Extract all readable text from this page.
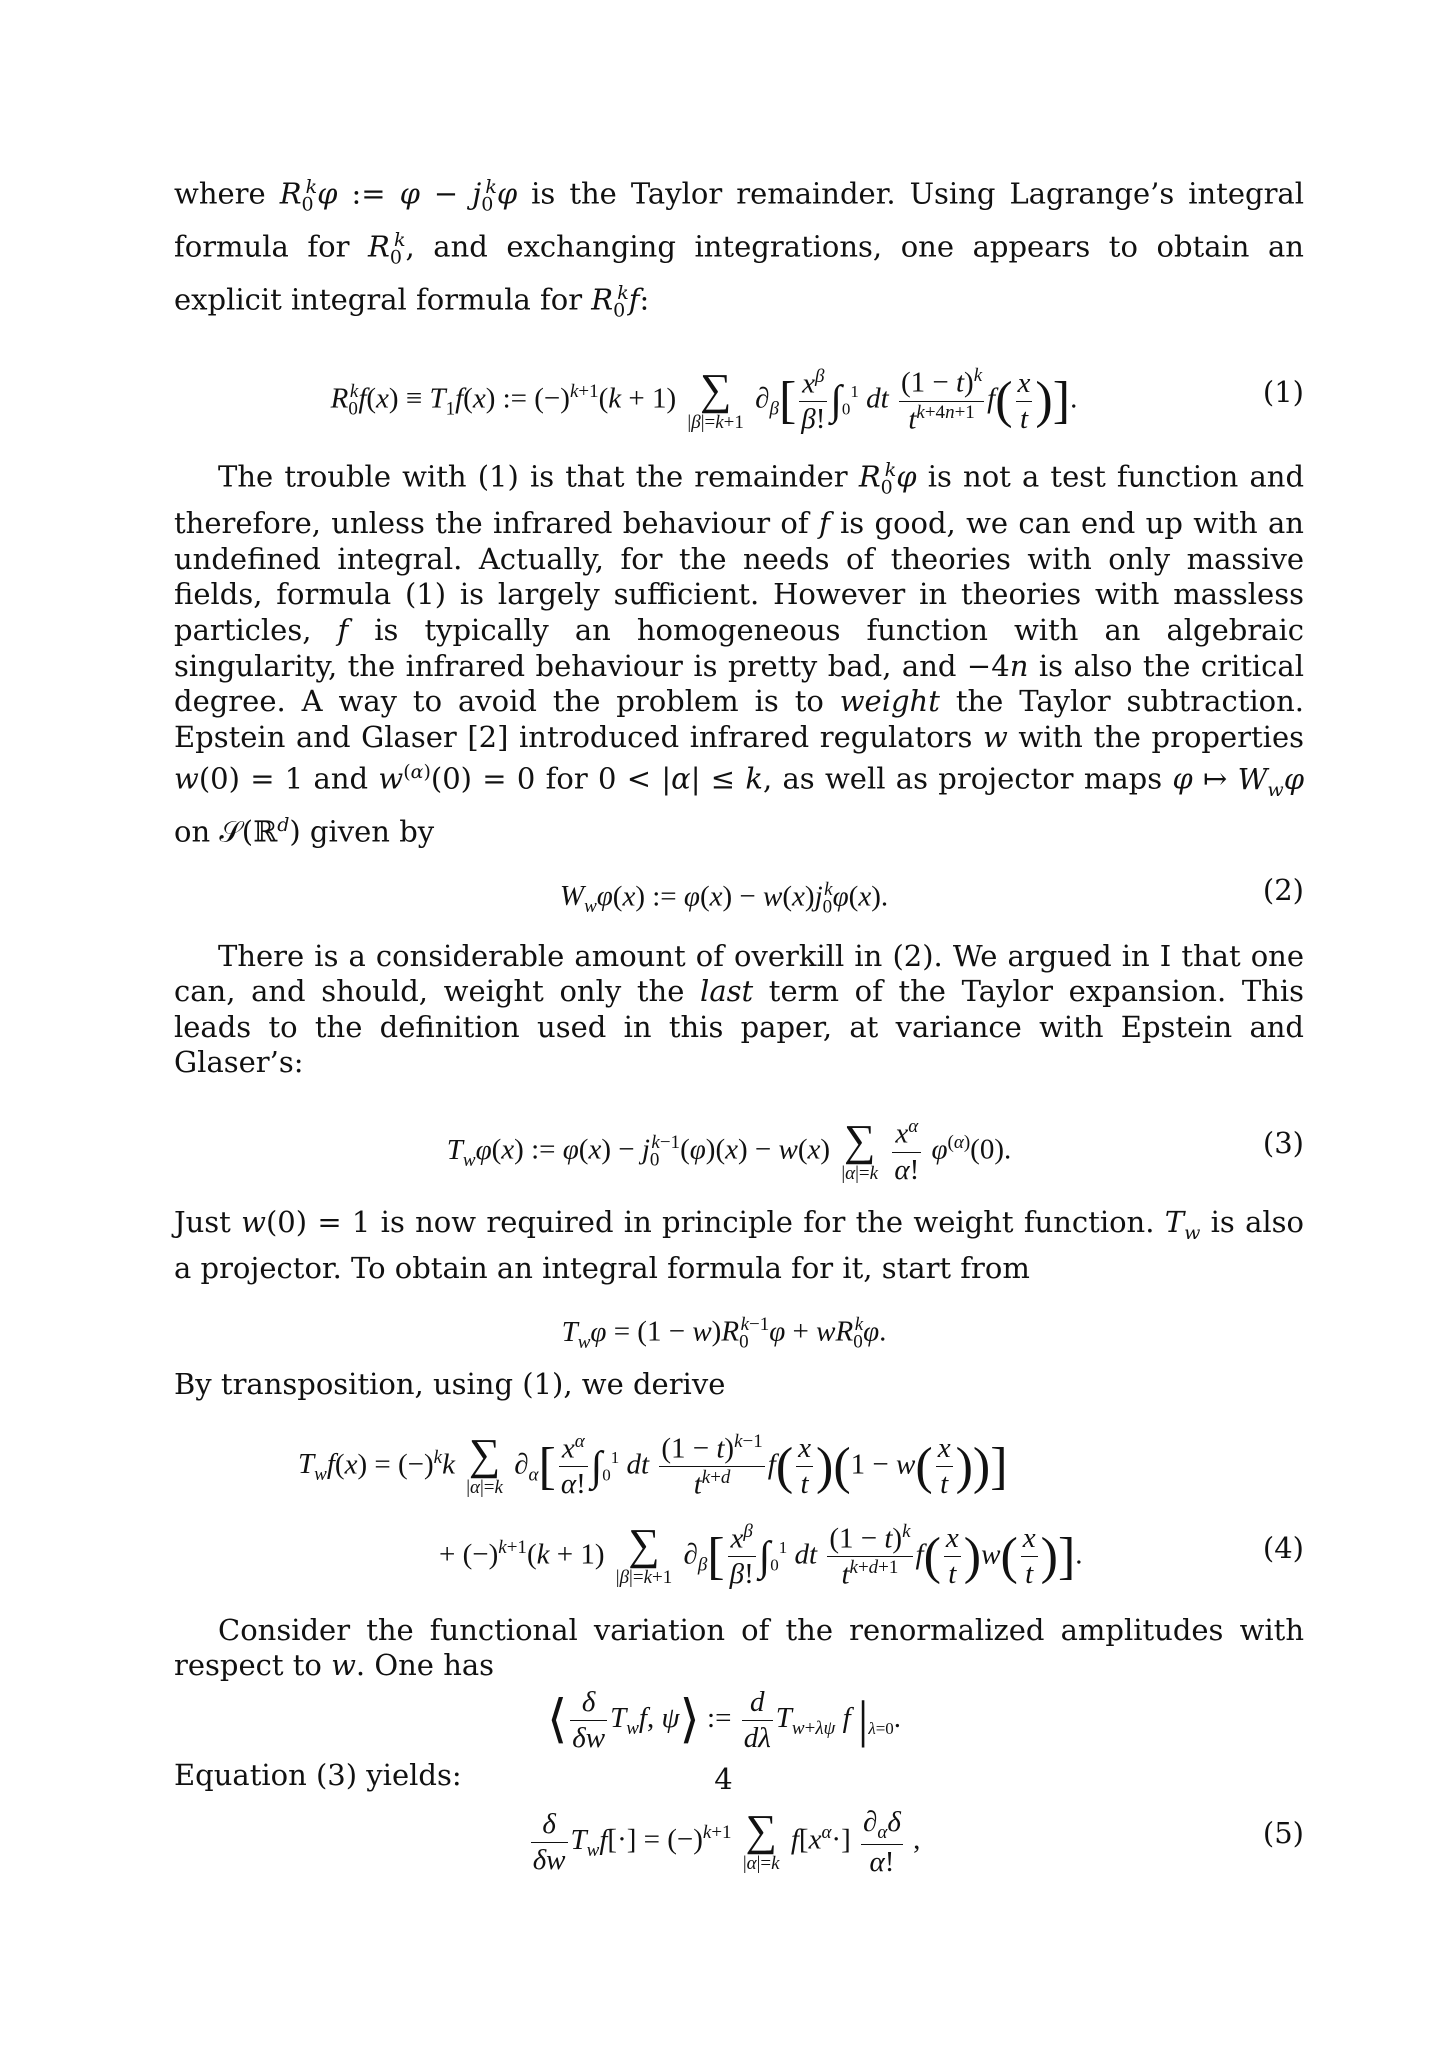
where $R_0^k\varphi$ := $\varphi - j_0^k\varphi$ is the Taylor remainder. Using Lagrange’s integral formula for $R_0^k$, and exchanging integrations, one appears to obtain an explicit integral formula for $R_0^kf$:

$R_0^kf(x) \equiv T_1f(x)$ := $(-)^{k+1}(k + 1)$ ∑
|β|=k+1
$\partial_\beta[ \frac{x^\beta}{\beta!} \int_0^1$ dt $\frac{(1 - t)^k}{t^{k+4n+1}} f( \frac{x}{t}$ )].	(1)

The trouble with (1) is that the remainder $R_0^k\varphi$ is not a test function and therefore, unless the infrared behaviour of f is good, we can end up with an undefined integral. Actually, for the needs of theories with only massive fields, formula (1) is largely sufficient. However in theories with massless particles, f is typically an homogeneous function with an algebraic singularity, the infrared behaviour is pretty bad, and −4n is also the critical degree. A way to avoid the problem is to weight the Taylor subtraction. Epstein and Glaser [2] introduced infrared regulators w with the properties w(0) = 1 and $w^{(\alpha)}(0) = 0$ for 0 < |α| ≤ k, as well as projector maps φ ↦ $W_w\varphi$ on 𝒮(ℝ$^d$) given by

$W_w\varphi(x)$ := $\varphi(x) - w(x)j_0^k\varphi(x)$.	(2)

There is a considerable amount of overkill in (2). We argued in I that one can, and should, weight only the last term of the Taylor expansion. This leads to the definition used in this paper, at variance with Epstein and Glaser’s:

$T_w\varphi(x)$ := $\varphi(x) - j_0^{k-1}(\varphi)(x) - w(x)$ ∑
|α|=k
$\frac{x^\alpha}{\alpha!} \varphi^{(\alpha)}(0)$.	(3)

Just w(0) = 1 is now required in principle for the weight function. $T_w$ is also a projector. To obtain an integral formula for it, start from

$T_w\varphi = (1 - w)R_0^{k-1}\varphi + wR_0^k\varphi$.

By transposition, using (1), we derive

$T_wf(x) = (-)^kk$ ∑
|α|=k
$\partial_\alpha[ \frac{x^\alpha}{\alpha!} \int_0^1$ dt $\frac{(1 - t)^{k-1}}{t^{k+d}} f( \frac{x}{t} )(1 - w( \frac{x}{t}$ ))]
+ $(-)^{k+1}(k + 1)$ ∑
|β|=k+1
$\partial_\beta[ \frac{x^\beta}{\beta!} \int_0^1$ dt $\frac{(1 - t)^k}{t^{k+d+1}} f( \frac{x}{t} )w( \frac{x}{t}$ )].	(4)

Consider the functional variation of the renormalized amplitudes with respect to w. One has

⟨ $\frac{\delta}{\delta w} T_wf$, ψ⟩ := $\frac{d}{d\lambda} T_{w+\lambda\psi}$ f $|_{\lambda=0}$.

Equation (3) yields:

$\frac{\delta}{\delta w} T_wf[\cdot] = (-)^{k+1}$ ∑
|α|=k
$f[x^\alpha\cdot] \frac{\partial_\alpha\delta}{\alpha!}$ ,	(5)
4
